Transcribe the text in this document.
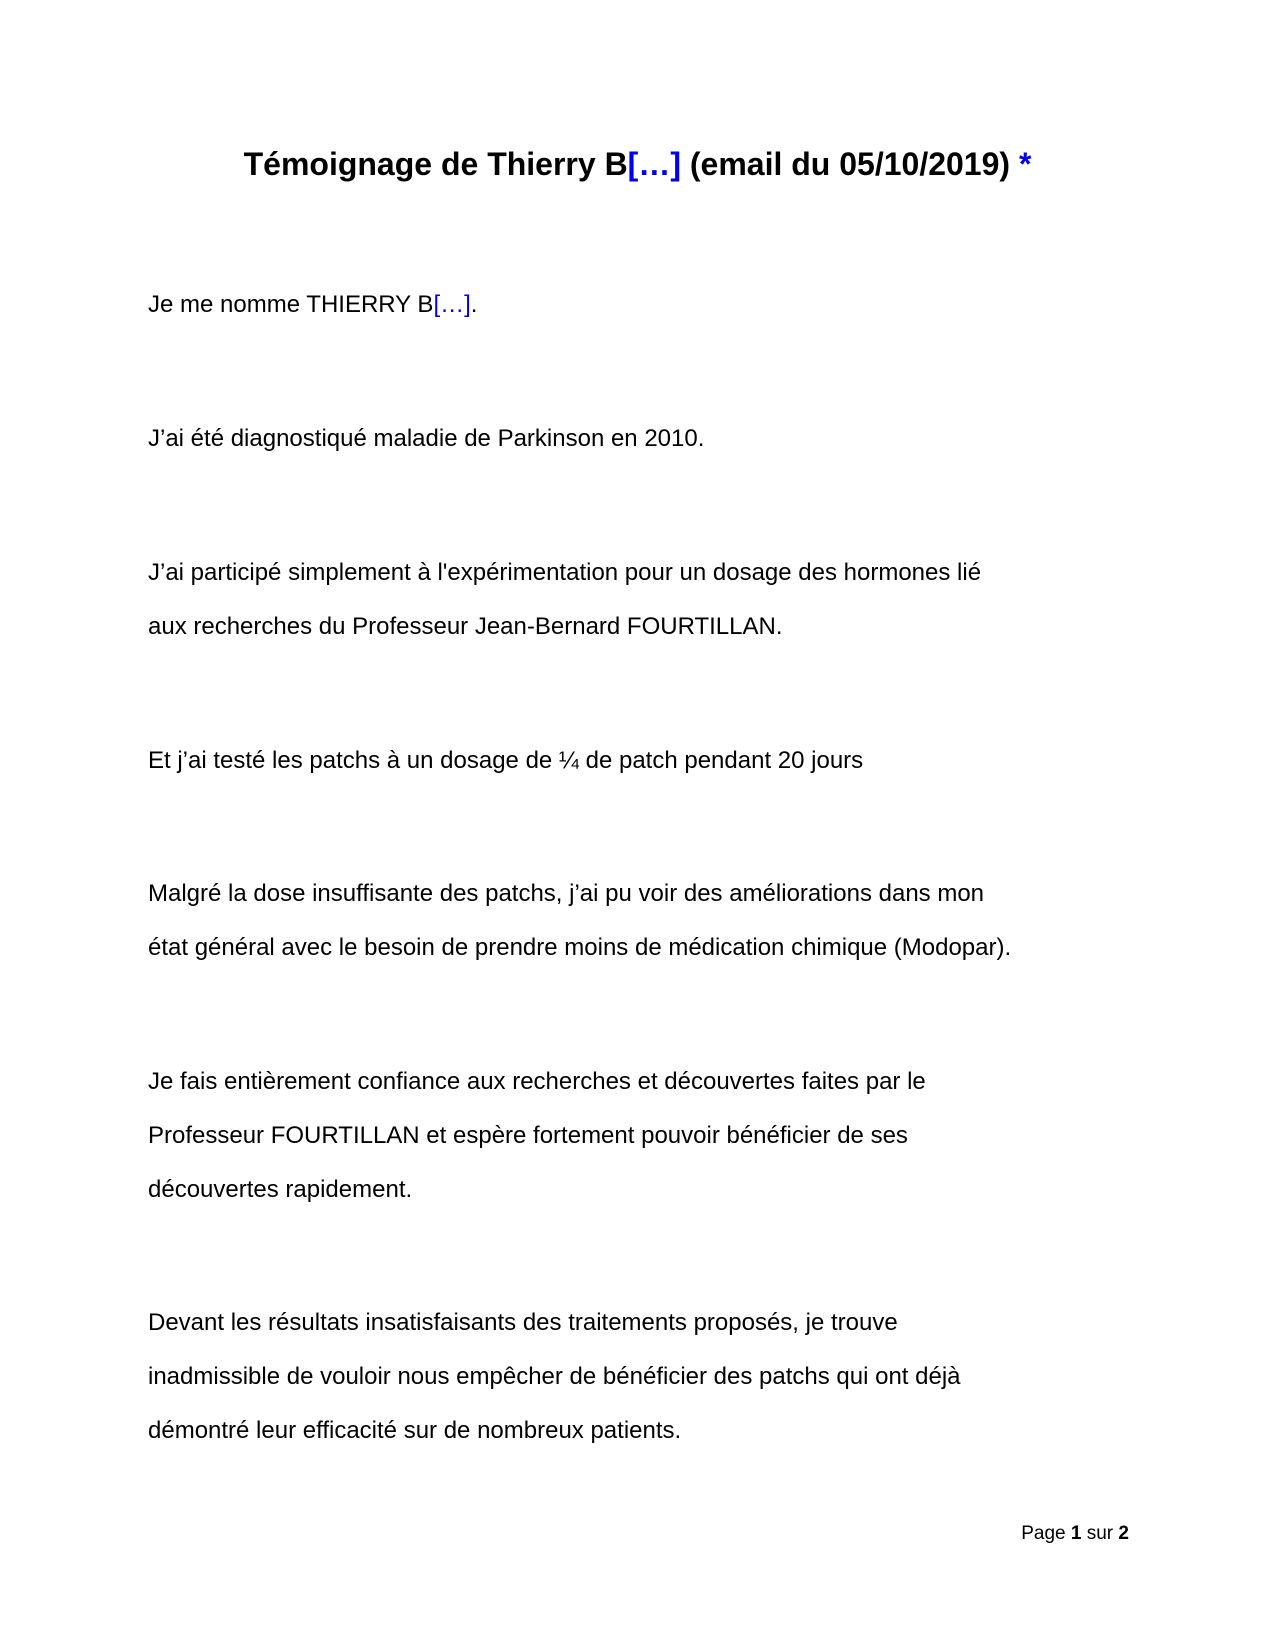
Témoignage de Thierry B[…] (email du 05/10/2019) *

Je me nomme THIERRY B[…].

J’ai été diagnostiqué maladie de Parkinson en 2010.

J’ai participé simplement à l'expérimentation pour un dosage des hormones lié
aux recherches du Professeur Jean-Bernard FOURTILLAN.

Et j’ai testé les patchs à un dosage de ¼ de patch pendant 20 jours

Malgré la dose insuffisante des patchs, j’ai pu voir des améliorations dans mon
état général avec le besoin de prendre moins de médication chimique (Modopar).

Je fais entièrement confiance aux recherches et découvertes faites par le
Professeur FOURTILLAN et espère fortement pouvoir bénéficier de ses
découvertes rapidement.

Devant les résultats insatisfaisants des traitements proposés, je trouve
inadmissible de vouloir nous empêcher de bénéficier des patchs qui ont déjà
démontré leur efficacité sur de nombreux patients.

Page 1 sur 2
